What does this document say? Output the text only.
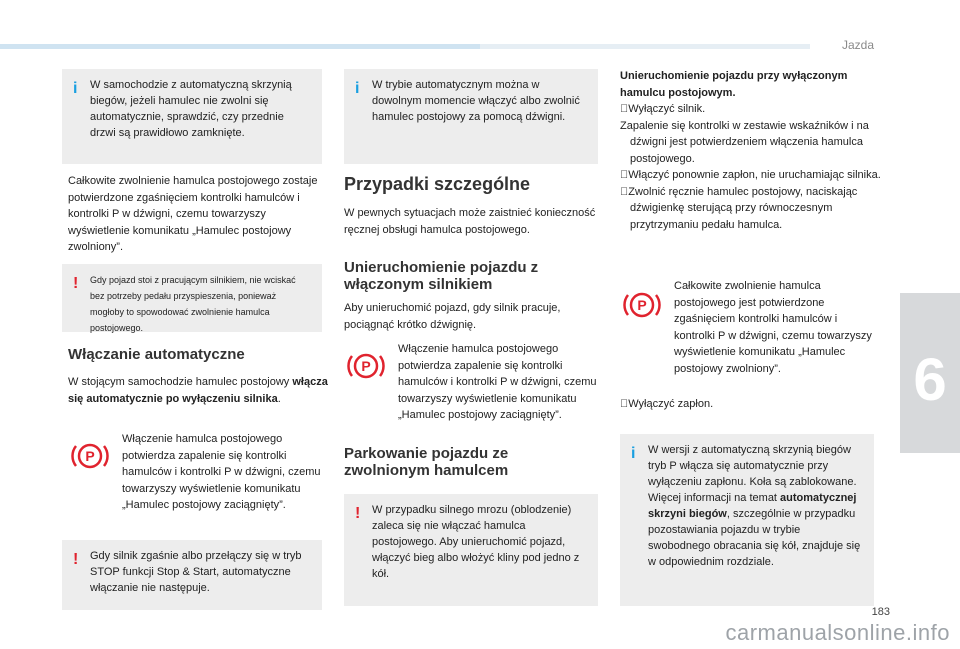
Jazda
6
183
carmanualsonline.info
i W samochodzie z automatyczną skrzynią biegów, jeżeli hamulec nie zwolni się automatycznie, sprawdzić, czy przednie drzwi są prawidłowo zamknięte.
Całkowite zwolnienie hamulca postojowego zostaje potwierdzone zgaśnięciem kontrolki hamulców i kontrolki P w dźwigni, czemu towarzyszy wyświetlenie komunikatu „Hamulec postojowy zwolniony”.
! Gdy pojazd stoi z pracującym silnikiem, nie wciskać bez potrzeby pedału przyspieszenia, ponieważ mogłoby to spowodować zwolnienie hamulca postojowego.
Włączanie automatyczne
W stojącym samochodzie hamulec postojowy włącza się automatycznie po wyłączeniu silnika.
P
Włączenie hamulca postojowego potwierdza zapalenie się kontrolki hamulców i kontrolki P w dźwigni, czemu towarzyszy wyświetlenie komunikatu „Hamulec postojowy zaciągnięty”.
! Gdy silnik zgaśnie albo przełączy się w tryb STOP funkcji Stop & Start, automatyczne włączanie nie następuje.
i W trybie automatycznym można w dowolnym momencie włączyć albo zwolnić hamulec postojowy za pomocą dźwigni.
Przypadki szczególne
W pewnych sytuacjach może zaistnieć konieczność ręcznej obsługi hamulca postojowego.
Unieruchomienie pojazdu z włączonym silnikiem
Aby unieruchomić pojazd, gdy silnik pracuje, pociągnąć krótko dźwignię.
P
Włączenie hamulca postojowego potwierdza zapalenie się kontrolki hamulców i kontrolki P w dźwigni, czemu towarzyszy wyświetlenie komunikatu „Hamulec postojowy zaciągnięty”.
Parkowanie pojazdu ze zwolnionym hamulcem
! W przypadku silnego mrozu (oblodzenie) zaleca się nie włączać hamulca postojowego. Aby unieruchomić pojazd, włączyć bieg albo włożyć kliny pod jedno z kół.
Unieruchomienie pojazdu przy wyłączonym hamulcu postojowym.
Wyłączyć silnik.
Zapalenie się kontrolki w zestawie wskaźników i na dźwigni jest potwierdzeniem włączenia hamulca postojowego.
Włączyć ponownie zapłon, nie uruchamiając silnika.
Zwolnić ręcznie hamulec postojowy, naciskając dźwigienkę sterującą przy równoczesnym przytrzymaniu pedału hamulca.
P
Całkowite zwolnienie hamulca postojowego jest potwierdzone zgaśnięciem kontrolki hamulców i kontrolki P w dźwigni, czemu towarzyszy wyświetlenie komunikatu „Hamulec postojowy zwolniony”.
Wyłączyć zapłon.
i W wersji z automatyczną skrzynią biegów tryb P włącza się automatycznie przy wyłączeniu zapłonu. Koła są zablokowane.
Więcej informacji na temat automatycznej skrzyni biegów, szczególnie w przypadku pozostawiania pojazdu w trybie swobodnego obracania się kół, znajduje się w odpowiednim rozdziale.
